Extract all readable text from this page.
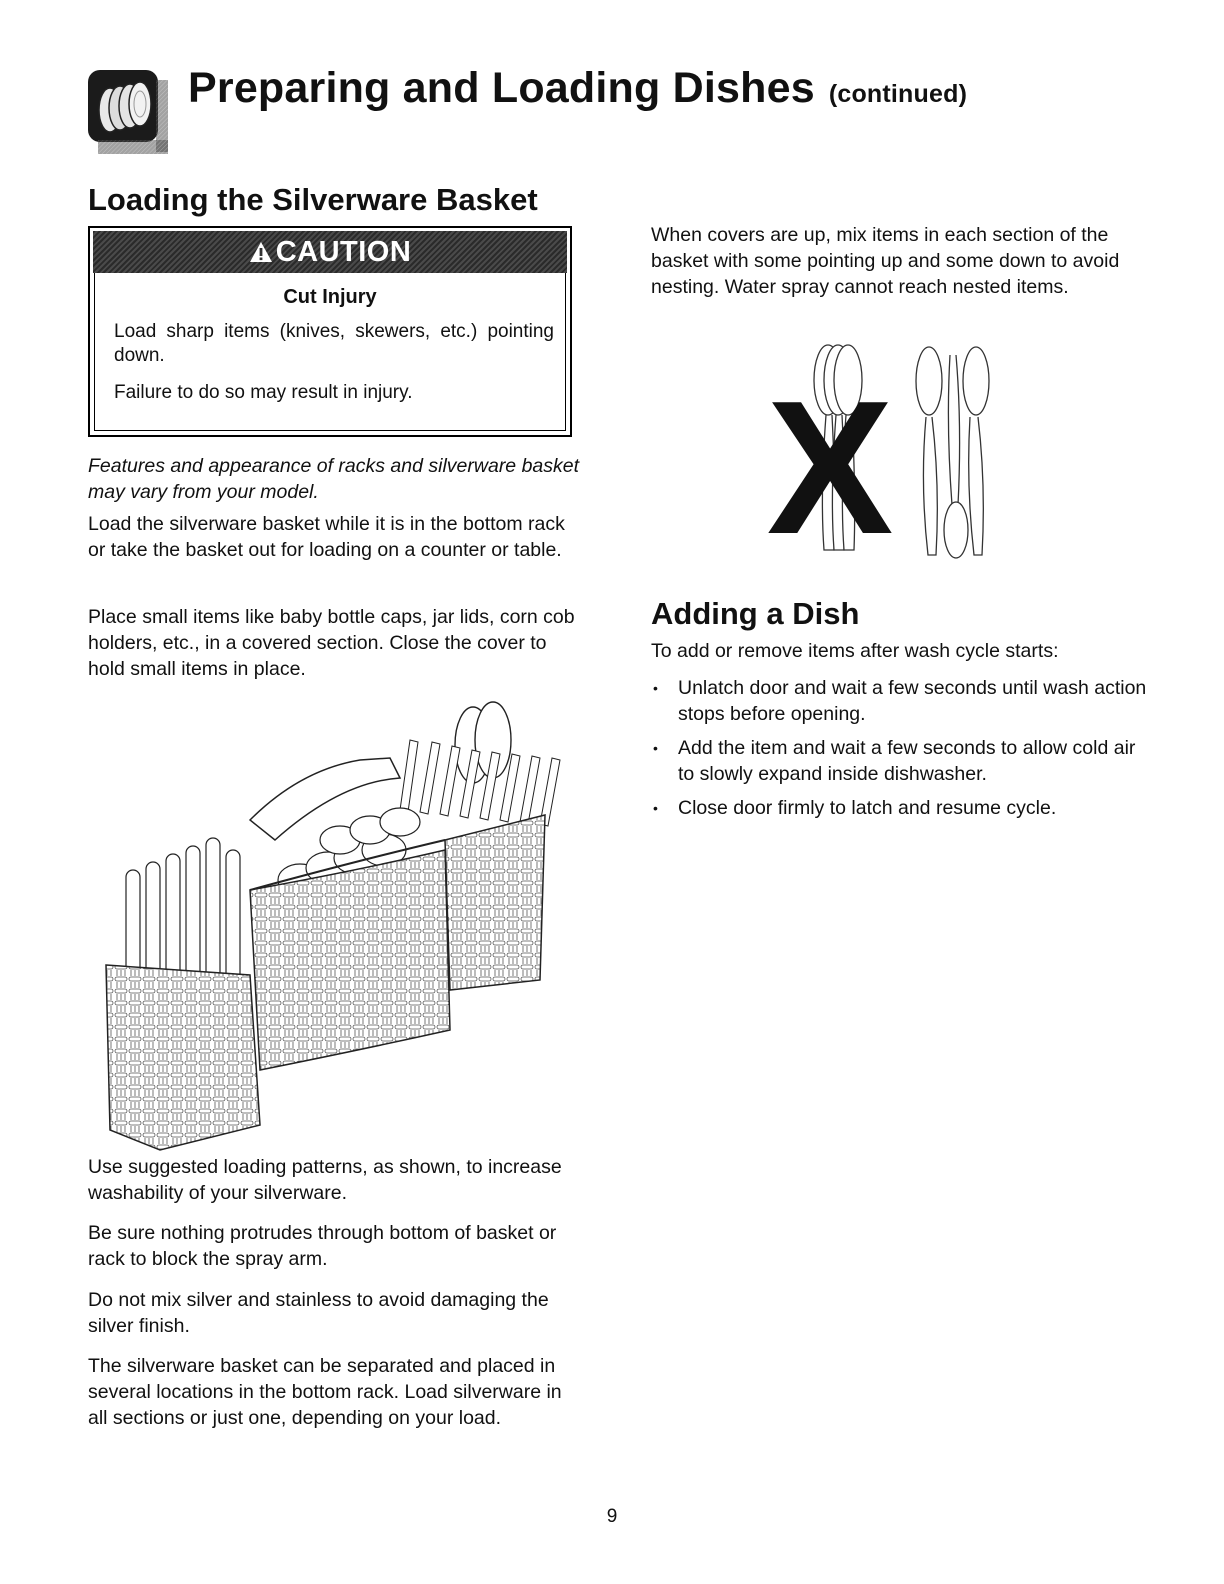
Preparing and Loading Dishes (continued)
Loading the Silverware Basket
CAUTION
Cut Injury
Load sharp items (knives, skewers, etc.) pointing down.
Failure to do so may result in injury.

Features and appearance of racks and silverware basket may vary from your model.

Load the silverware basket while it is in the bottom rack or take the basket out for loading on a counter or table.

Place small items like baby bottle caps, jar lids, corn cob holders, etc., in a covered section. Close the cover to hold small items in place.

Use suggested loading patterns, as shown, to increase washability of your silverware.

Be sure nothing protrudes through bottom of basket or rack to block the spray arm.

Do not mix silver and stainless to avoid damaging the silver finish.

The silverware basket can be separated and placed in several locations in the bottom rack. Load silverware in all sections or just one, depending on your load.

When covers are up, mix items in each section of the basket with some pointing up and some down to avoid nesting. Water spray cannot reach nested items.

X
Adding a Dish

To add or remove items after wash cycle starts:

• Unlatch door and wait a few seconds until wash action stops before opening.
• Add the item and wait a few seconds to allow cold air to slowly expand inside dishwasher.
• Close door firmly to latch and resume cycle.
9
